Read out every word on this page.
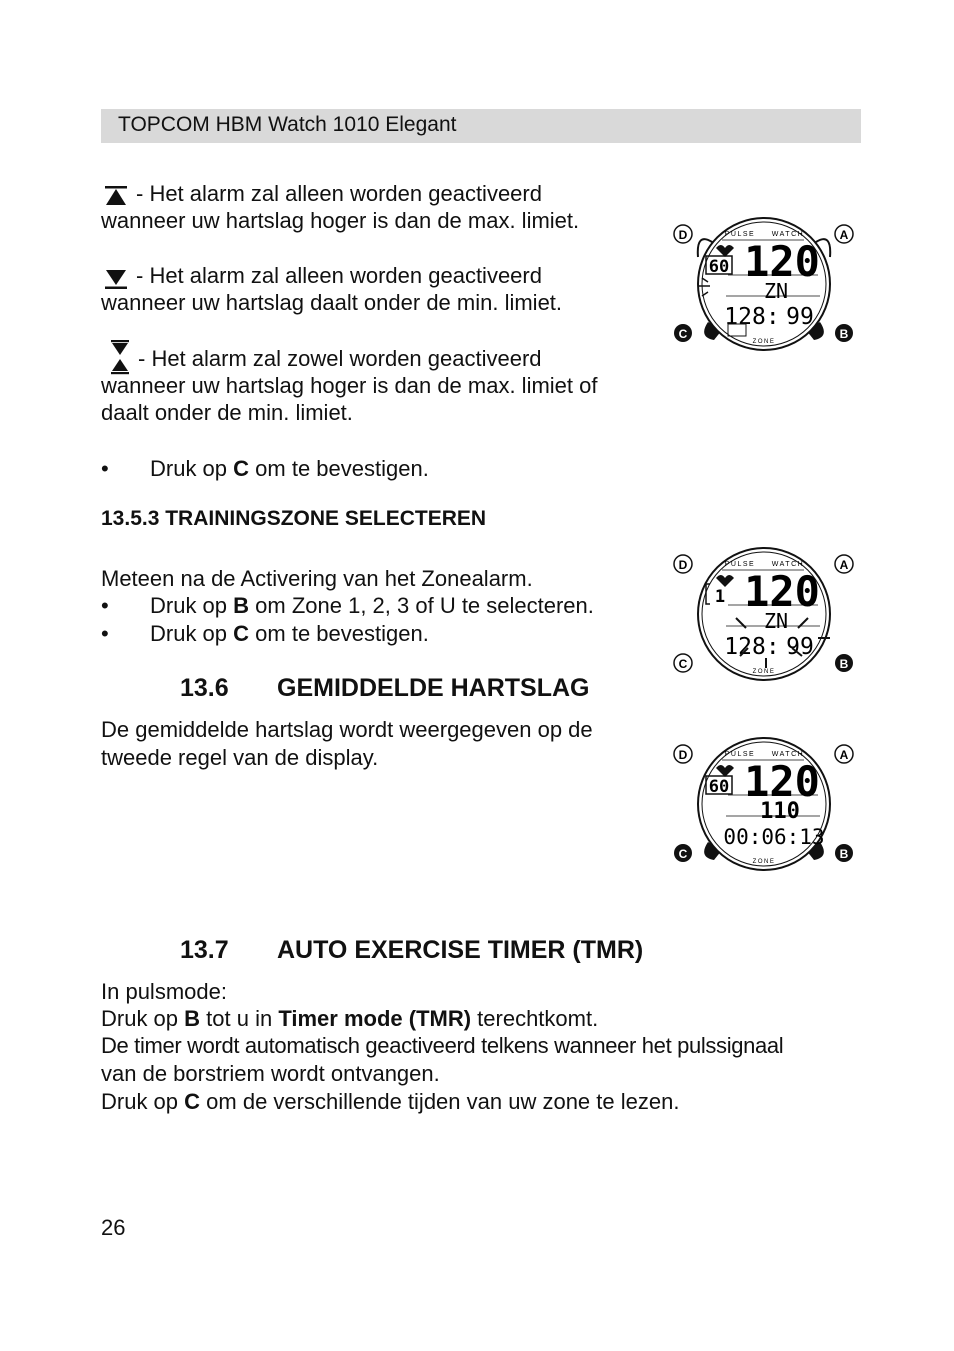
TOPCOM HBM Watch 1010 Elegant
- Het alarm zal alleen worden geactiveerd
wanneer uw hartslag hoger is dan de max. limiet.
- Het alarm zal alleen worden geactiveerd
wanneer uw hartslag daalt onder de min. limiet.
- Het alarm zal zowel worden geactiveerd
wanneer uw hartslag hoger is dan de max. limiet of
daalt onder de min. limiet.
• Druk op C om te bevestigen.
13.5.3 TRAININGSZONE SELECTEREN
Meteen na de Activering van het Zonealarm.
• Druk op B om Zone 1, 2, 3 of U te selecteren.
• Druk op C om te bevestigen.
13.6 GEMIDDELDE HARTSLAG
De gemiddelde hartslag wordt weergegeven op de
tweede regel van de display.
13.7 AUTO EXERCISE TIMER (TMR)
In pulsmode:
Druk op B tot u in Timer mode (TMR) terechtkomt.
De timer wordt automatisch geactiveerd telkens wanneer het pulssignaal
van de borstriem wordt ontvangen.
Druk op C om de verschillende tijden van uw zone te lezen.
26
D	A
C	B
PULSE WATCH
ZONE
60 120
ZN
128: 99
D	A
C	B
PULSE WATCH
ZONE
1 120
ZN
128: 99
D	A
C	B
PULSE WATCH
ZONE
60 120
110
00:06:13
